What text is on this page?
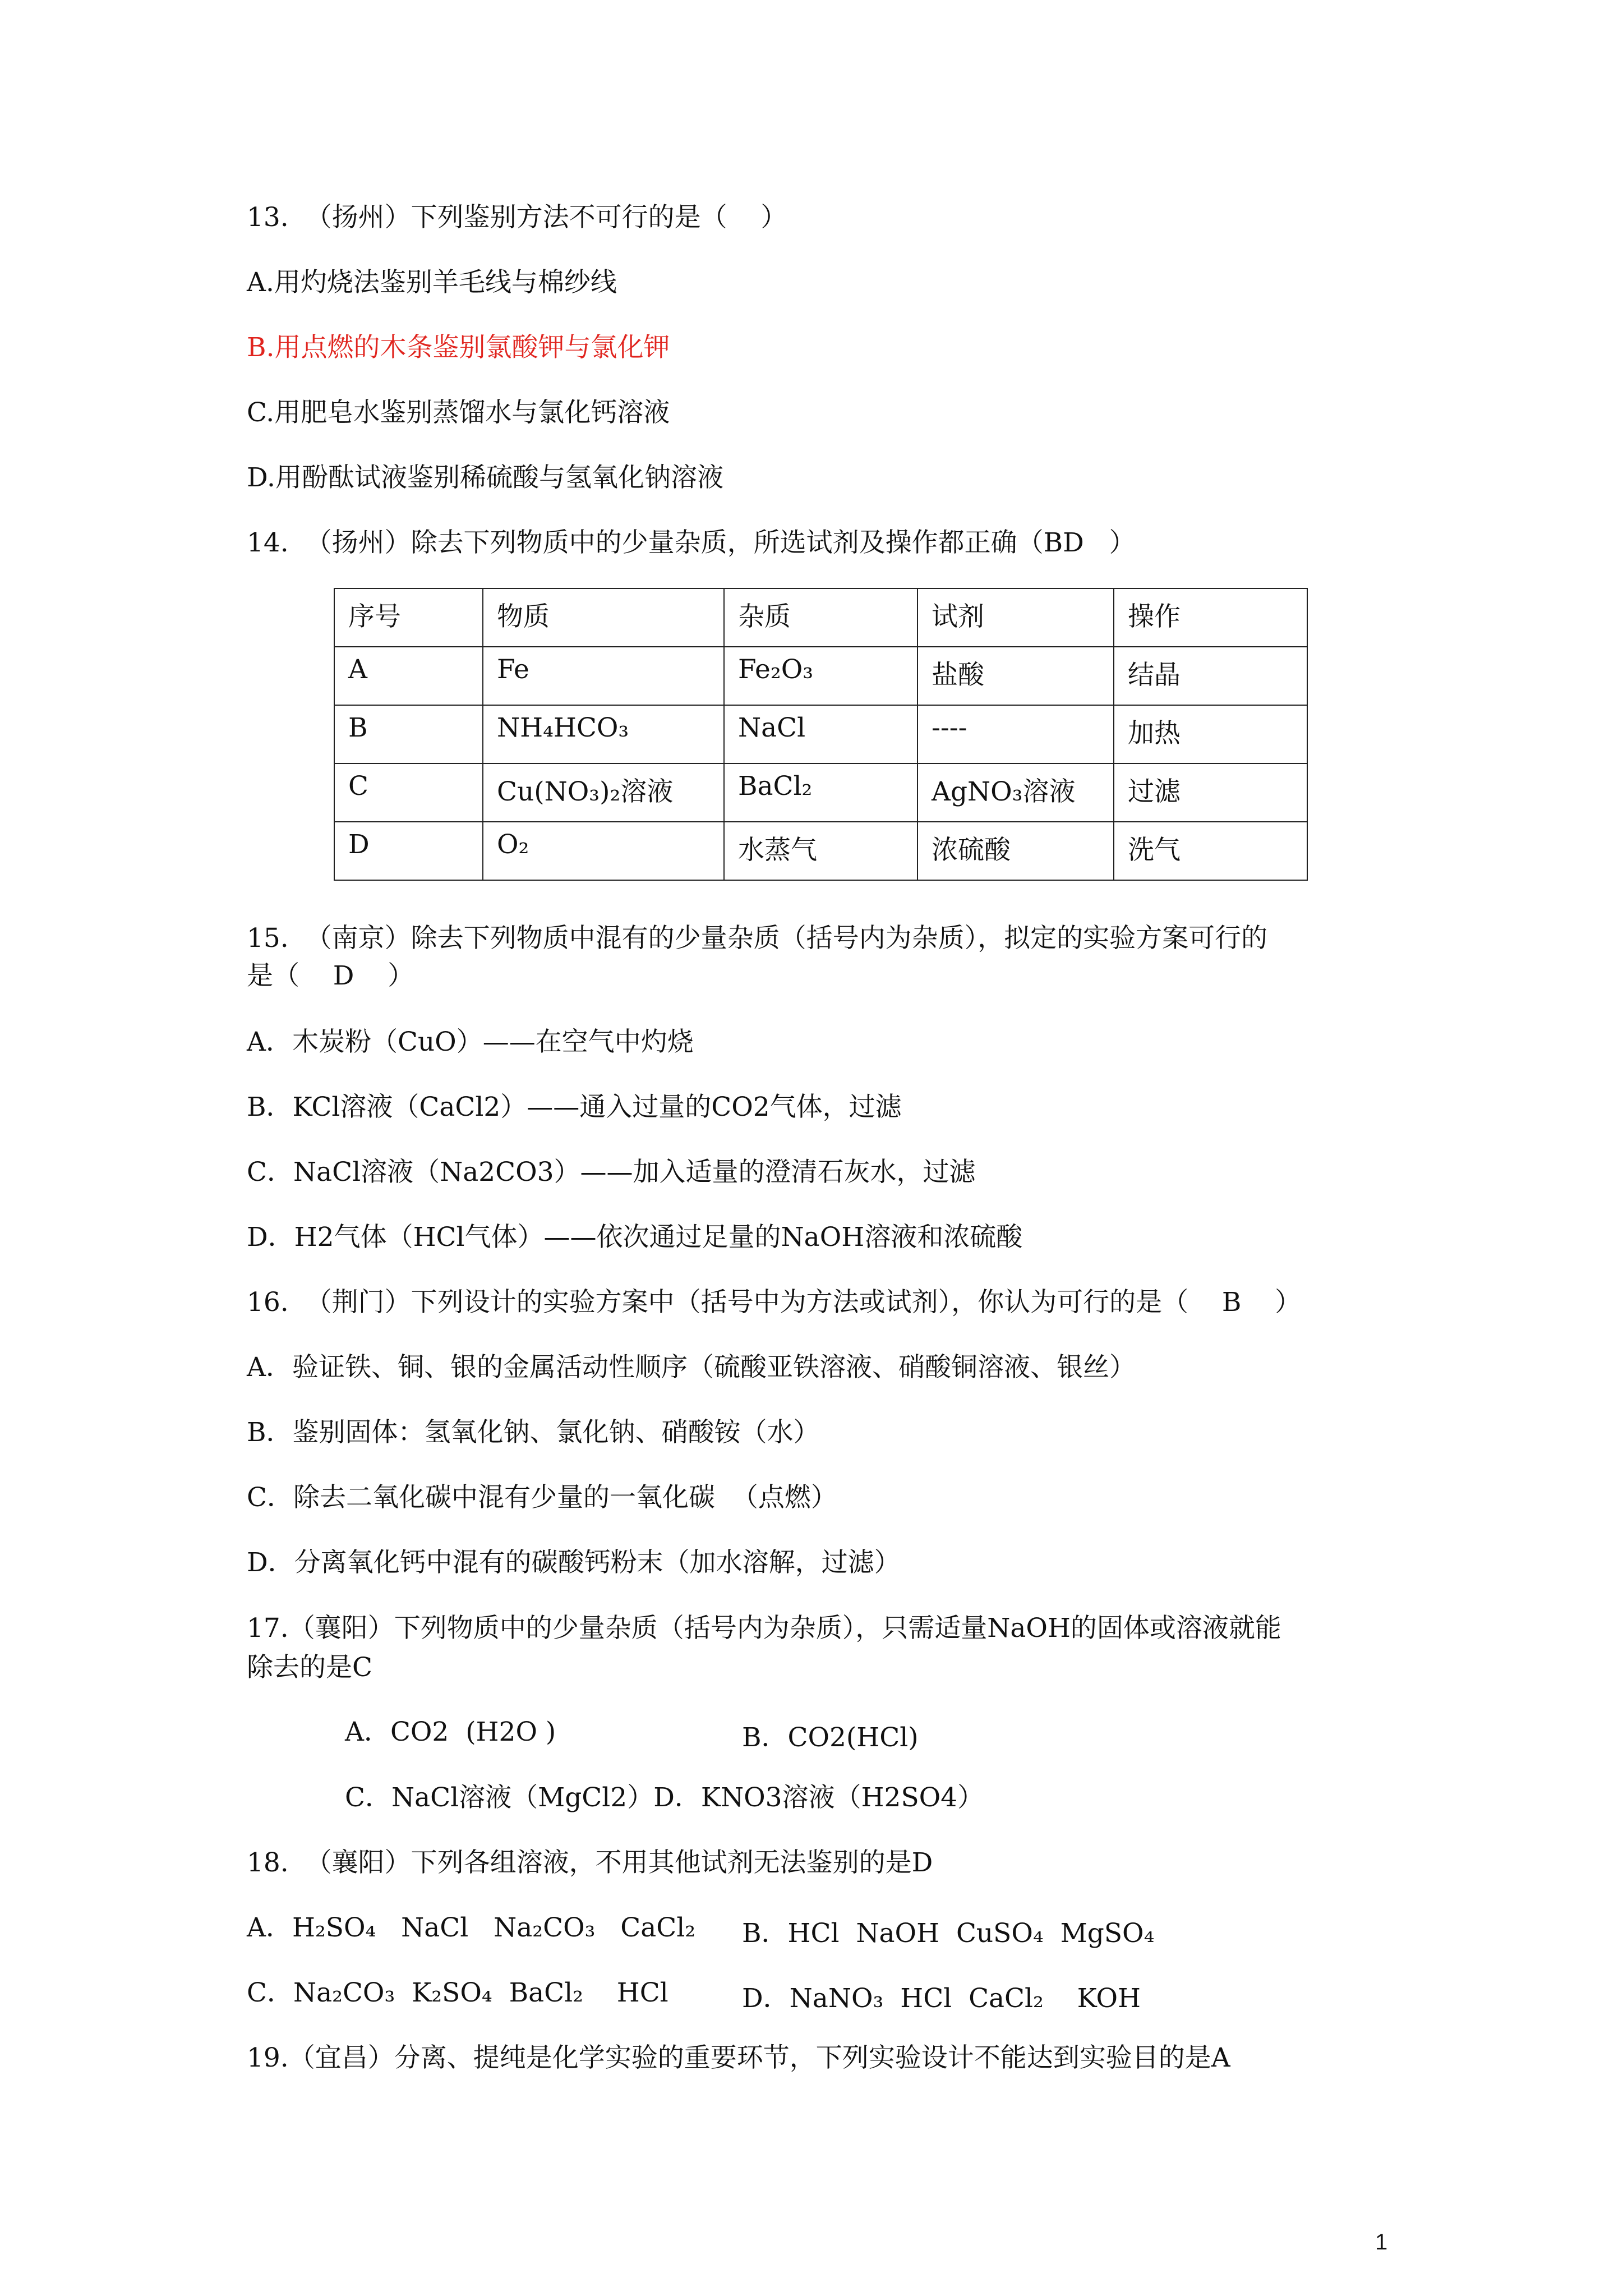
13.  （扬州）下列鉴别方法不可行的是（    ）
A.用灼烧法鉴别羊毛线与棉纱线
B.用点燃的木条鉴别氯酸钾与氯化钾
C.用肥皂水鉴别蒸馏水与氯化钙溶液
D.用酚酞试液鉴别稀硫酸与氢氧化钠溶液
14.  （扬州）除去下列物质中的少量杂质，所选试剂及操作都正确（BD   ）
序号	物质	杂质	试剂	操作
A	Fe	Fe₂O₃	盐酸	结晶
B	NH₄HCO₃	NaCl	----	加热
C	Cu(NO₃)₂溶液	BaCl₂	AgNO₃溶液	过滤
D	O₂	水蒸气	浓硫酸	洗气
15.  （南京）除去下列物质中混有的少量杂质（括号内为杂质），拟定的实验方案可行的
是（    D    ）
A．木炭粉（CuO）——在空气中灼烧
B．KCl溶液（CaCl2）——通入过量的CO2气体，过滤
C．NaCl溶液（Na2CO3）——加入适量的澄清石灰水，过滤
D．H2气体（HCl气体）——依次通过足量的NaOH溶液和浓硫酸
16.  （荆门）下列设计的实验方案中（括号中为方法或试剂），你认为可行的是（    B    ）
A．验证铁、铜、银的金属活动性顺序（硫酸亚铁溶液、硝酸铜溶液、银丝）
B．鉴别固体：氢氧化钠、氯化钠、硝酸铵（水）
C．除去二氧化碳中混有少量的一氧化碳  （点燃）
D．分离氧化钙中混有的碳酸钙粉末（加水溶解，过滤）
17.（襄阳）下列物质中的少量杂质（括号内为杂质），只需适量NaOH的固体或溶液就能
除去的是C
A．CO2  (H2O )	B．CO2(HCl)
C．NaCl溶液（MgCl2）D．KNO3溶液（H2SO4）
18.  （襄阳）下列各组溶液，不用其他试剂无法鉴别的是D
A．H₂SO₄   NaCl   Na₂CO₃   CaCl₂ B．HCl  NaOH  CuSO₄  MgSO₄
C．Na₂CO₃  K₂SO₄  BaCl₂    HCl	D．NaNO₃  HCl  CaCl₂    KOH
19.（宜昌）分离、提纯是化学实验的重要环节，下列实验设计不能达到实验目的是A
1
